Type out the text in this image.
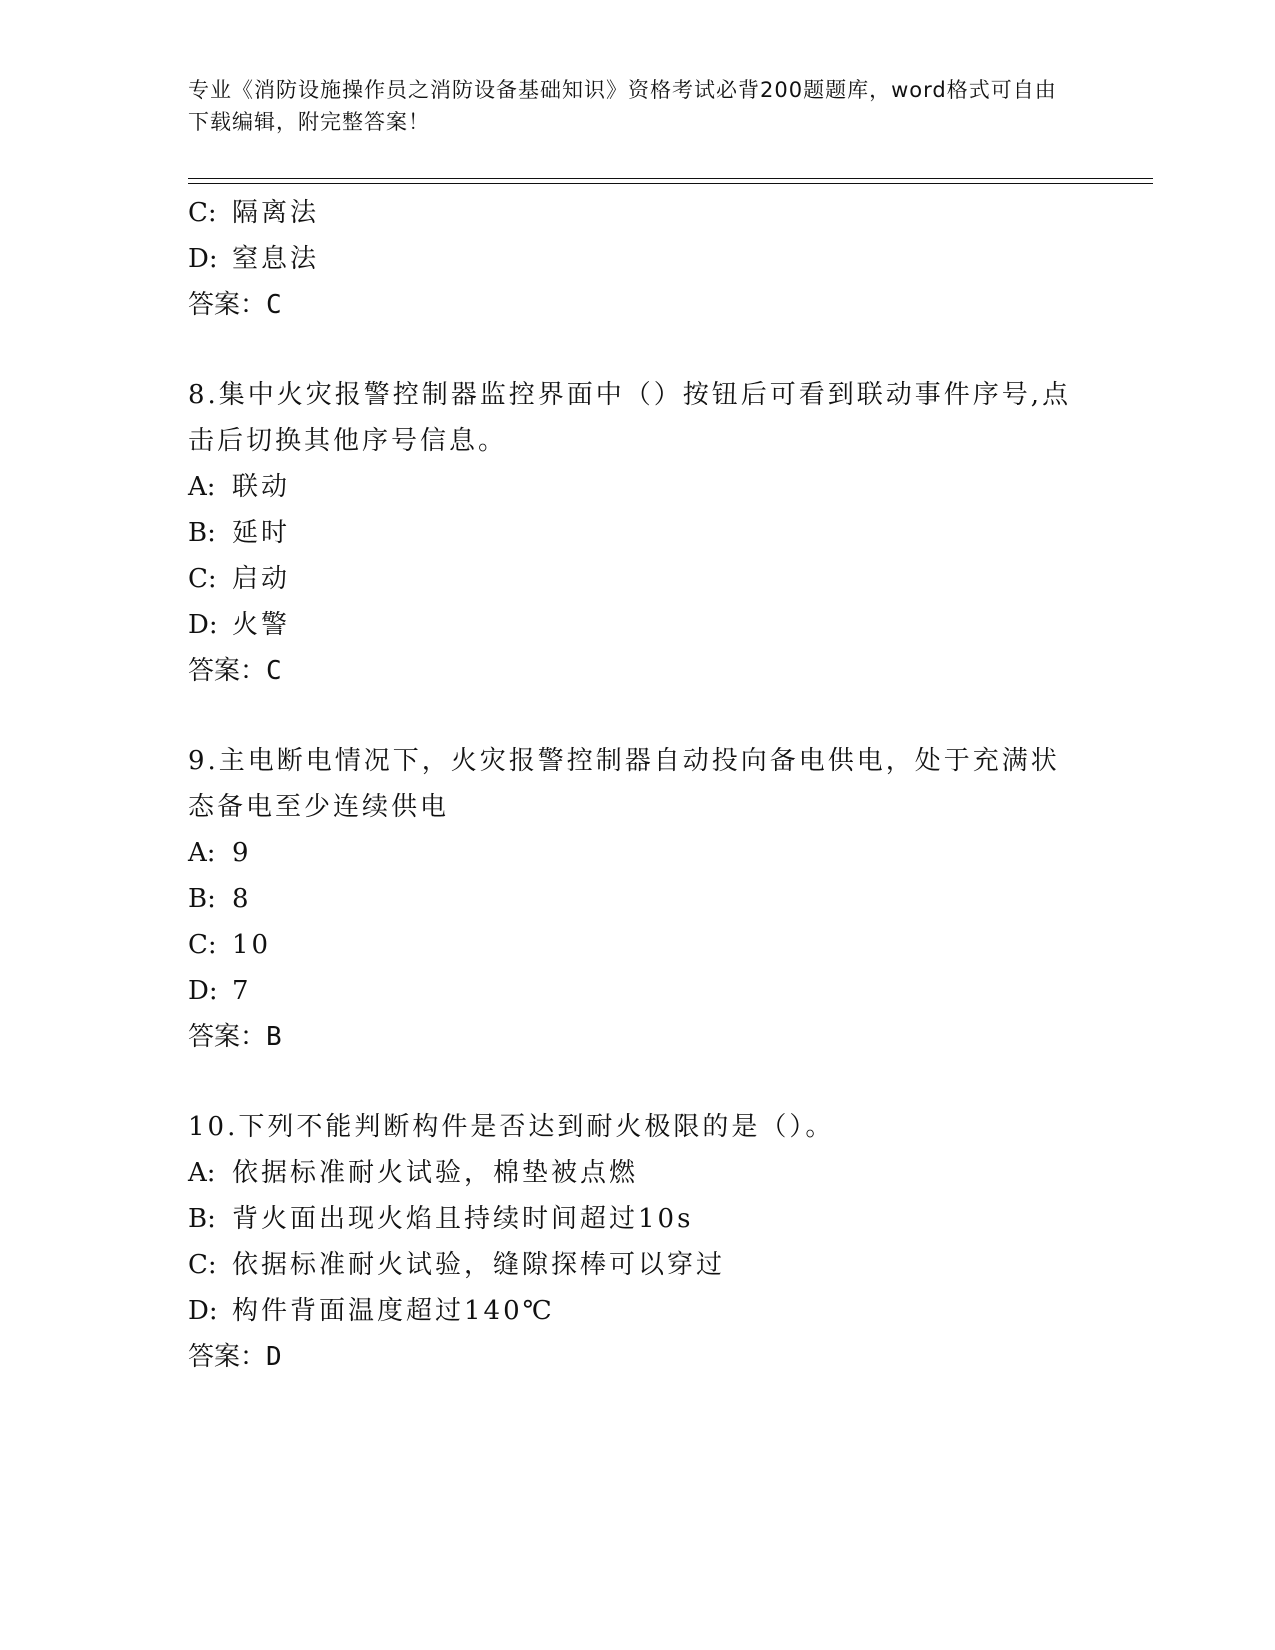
专业《消防设施操作员之消防设备基础知识》资格考试必背200题题库，word格式可自由下载编辑，附完整答案！
C: 隔离法
D: 窒息法
答案：C
8.集中火灾报警控制器监控界面中（）按钮后可看到联动事件序号,点
击后切换其他序号信息。
A: 联动
B: 延时
C: 启动
D: 火警
答案：C
9.主电断电情况下，火灾报警控制器自动投向备电供电，处于充满状
态备电至少连续供电
A: 9
B: 8
C: 10
D: 7
答案：B
10.下列不能判断构件是否达到耐火极限的是（）。
A: 依据标准耐火试验，棉垫被点燃
B: 背火面出现火焰且持续时间超过10s
C: 依据标准耐火试验，缝隙探棒可以穿过
D: 构件背面温度超过140℃
答案：D
